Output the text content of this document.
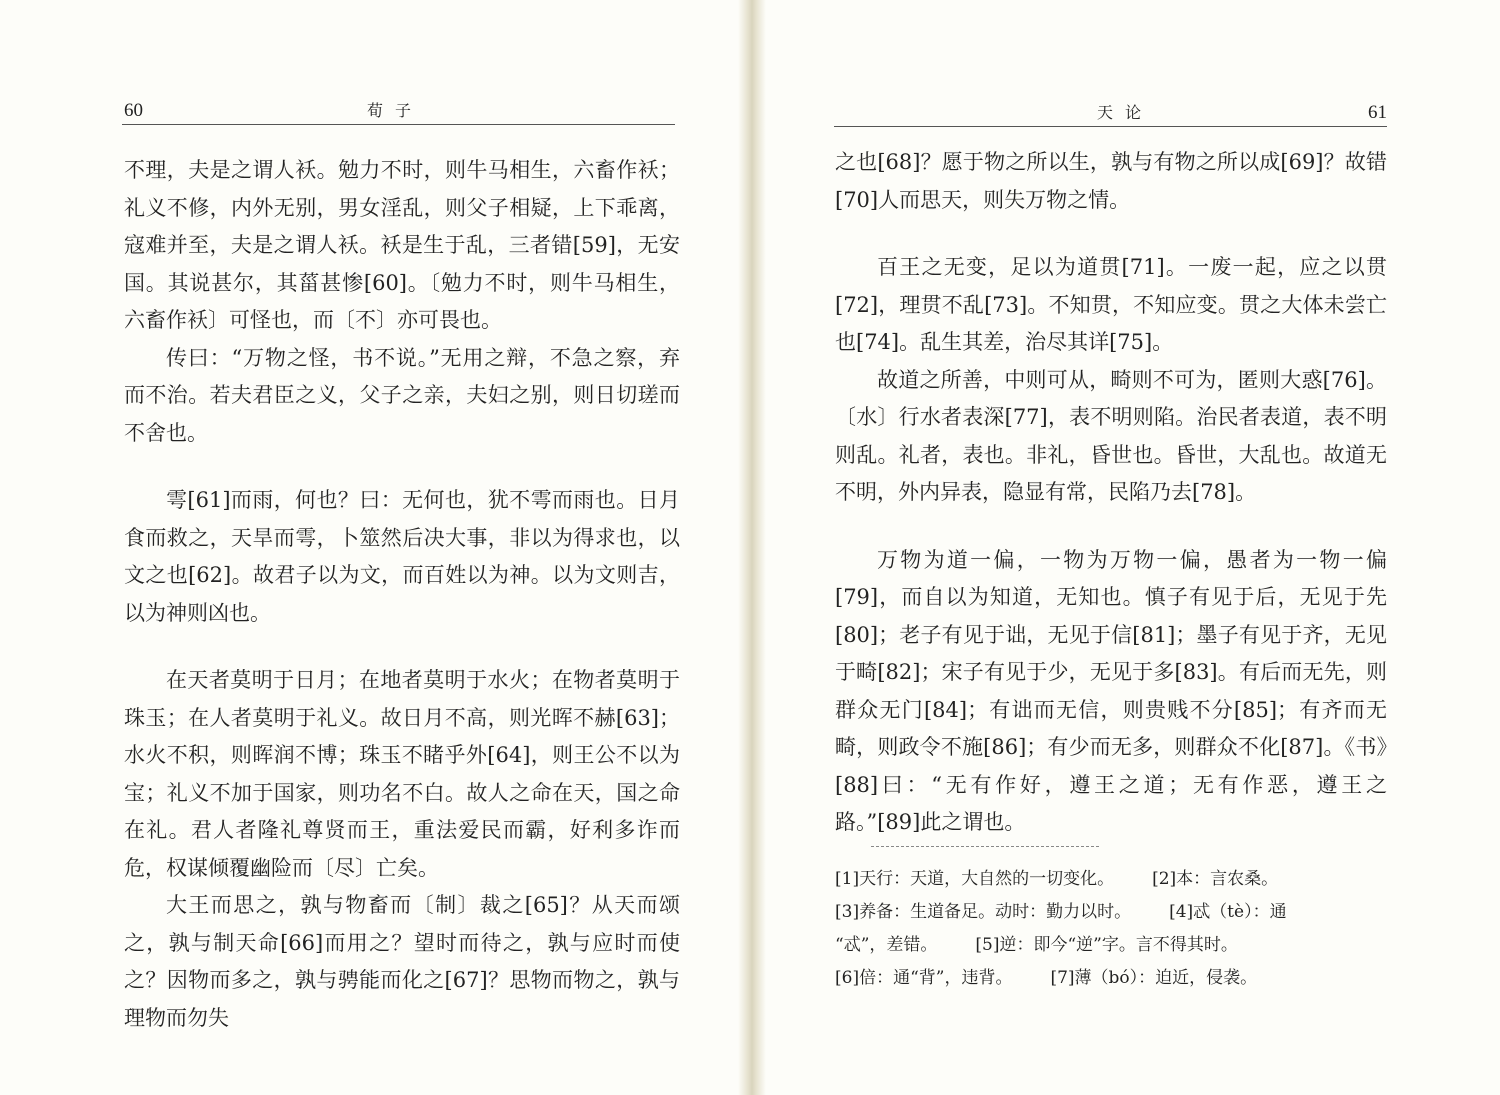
60	荀子

不理，夫是之谓人袄。勉力不时，则牛马相生，六畜作袄；礼义不修，内外无别，男女淫乱，则父子相疑，上下乖离，寇难并至，夫是之谓人袄。袄是生于乱，三者错[59]，无安国。其说甚尔，其菑甚惨[60]。〔勉力不时，则牛马相生，六畜作袄〕可怪也，而〔不〕亦可畏也。

传曰：“万物之怪，书不说。”无用之辩，不急之察，弃而不治。若夫君臣之义，父子之亲，夫妇之别，则日切瑳而不舍也。

雩[61]而雨，何也？曰：无何也，犹不雩而雨也。日月食而救之，天旱而雩，卜筮然后决大事，非以为得求也，以文之也[62]。故君子以为文，而百姓以为神。以为文则吉，以为神则凶也。

在天者莫明于日月；在地者莫明于水火；在物者莫明于珠玉；在人者莫明于礼义。故日月不高，则光晖不赫[63]；水火不积，则晖润不博；珠玉不睹乎外[64]，则王公不以为宝；礼义不加于国家，则功名不白。故人之命在天，国之命在礼。君人者隆礼尊贤而王，重法爱民而霸，好利多诈而危，权谋倾覆幽险而〔尽〕亡矣。

大王而思之，孰与物畜而〔制〕裁之[65]？从天而颂之，孰与制天命[66]而用之？望时而待之，孰与应时而使之？因物而多之，孰与骋能而化之[67]？思物而物之，孰与理物而勿失

天论	61

之也[68]？愿于物之所以生，孰与有物之所以成[69]？故错[70]人而思天，则失万物之情。

百王之无变，足以为道贯[71]。一废一起，应之以贯[72]，理贯不乱[73]。不知贯，不知应变。贯之大体未尝亡也[74]。乱生其差，治尽其详[75]。

故道之所善，中则可从，畸则不可为，匿则大惑[76]。〔水〕行水者表深[77]，表不明则陷。治民者表道，表不明则乱。礼者，表也。非礼，昏世也。昏世，大乱也。故道无不明，外内异表，隐显有常，民陷乃去[78]。

万物为道一偏，一物为万物一偏，愚者为一物一偏[79]，而自以为知道，无知也。慎子有见于后，无见于先[80]；老子有见于诎，无见于信[81]；墨子有见于齐，无见于畸[82]；宋子有见于少，无见于多[83]。有后而无先，则群众无门[84]；有诎而无信，则贵贱不分[85]；有齐而无畸，则政令不施[86]；有少而无多，则群众不化[87]。《书》[88]曰：“无有作好，遵王之道；无有作恶，遵王之路。”[89]此之谓也。

[1]天行：天道，大自然的一切变化。 [2]本：言农桑。

[3]养备：生道备足。动时：勤力以时。 [4]忒（tè）：通

“忒”，差错。 [5]逆：即今“逆”字。言不得其时。

[6]倍：通“背”，违背。 [7]薄（bó）：迫近，侵袭。
